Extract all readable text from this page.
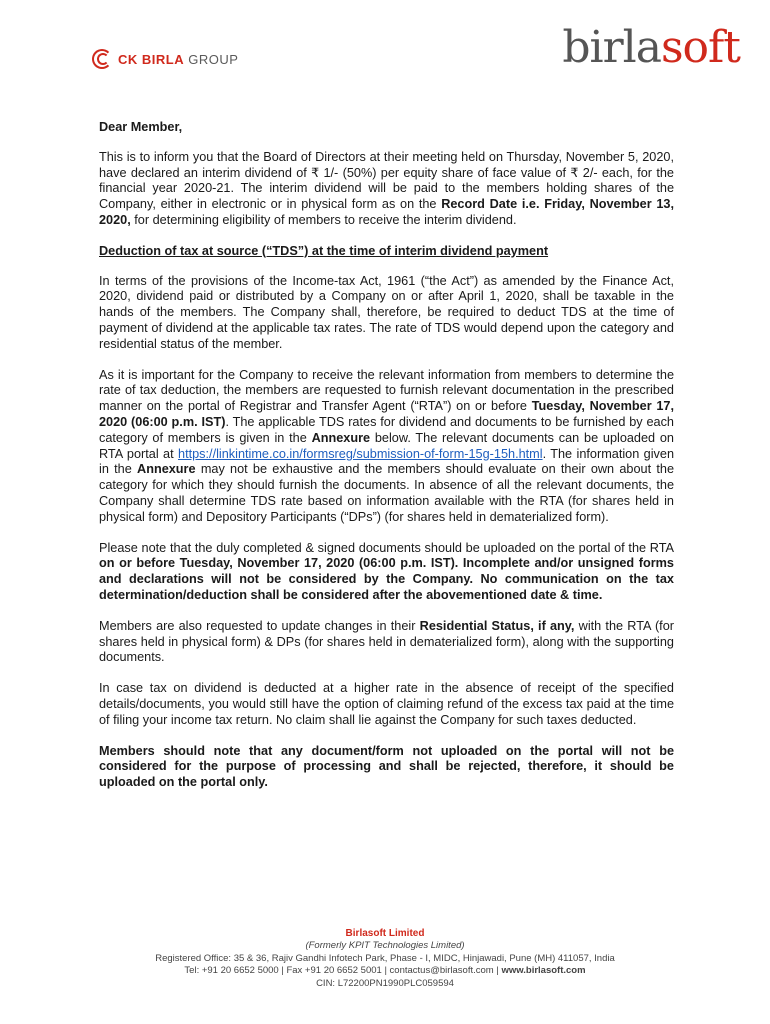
CK BIRLA GROUP	birlasoft

Dear Member,

This is to inform you that the Board of Directors at their meeting held on Thursday, November 5, 2020, have declared an interim dividend of ₹ 1/- (50%) per equity share of face value of ₹ 2/- each, for the financial year 2020-21. The interim dividend will be paid to the members holding shares of the Company, either in electronic or in physical form as on the Record Date i.e. Friday, November 13, 2020, for determining eligibility of members to receive the interim dividend.

Deduction of tax at source (“TDS”) at the time of interim dividend payment

In terms of the provisions of the Income-tax Act, 1961 (“the Act”) as amended by the Finance Act, 2020, dividend paid or distributed by a Company on or after April 1, 2020, shall be taxable in the hands of the members. The Company shall, therefore, be required to deduct TDS at the time of payment of dividend at the applicable tax rates. The rate of TDS would depend upon the category and residential status of the member.

As it is important for the Company to receive the relevant information from members to determine the rate of tax deduction, the members are requested to furnish relevant documentation in the prescribed manner on the portal of Registrar and Transfer Agent (“RTA”) on or before Tuesday, November 17, 2020 (06:00 p.m. IST). The applicable TDS rates for dividend and documents to be furnished by each category of members is given in the Annexure below. The relevant documents can be uploaded on RTA portal at https://linkintime.co.in/formsreg/submission-of-form-15g-15h.html. The information given in the Annexure may not be exhaustive and the members should evaluate on their own about the category for which they should furnish the documents. In absence of all the relevant documents, the Company shall determine TDS rate based on information available with the RTA (for shares held in physical form) and Depository Participants (“DPs”) (for shares held in dematerialized form).

Please note that the duly completed & signed documents should be uploaded on the portal of the RTA on or before Tuesday, November 17, 2020 (06:00 p.m. IST). Incomplete and/or unsigned forms and declarations will not be considered by the Company. No communication on the tax determination/deduction shall be considered after the abovementioned date & time.

Members are also requested to update changes in their Residential Status, if any, with the RTA (for shares held in physical form) & DPs (for shares held in dematerialized form), along with the supporting documents.

In case tax on dividend is deducted at a higher rate in the absence of receipt of the specified details/documents, you would still have the option of claiming refund of the excess tax paid at the time of filing your income tax return. No claim shall lie against the Company for such taxes deducted.

Members should note that any document/form not uploaded on the portal will not be considered for the purpose of processing and shall be rejected, therefore, it should be uploaded on the portal only.

Birlasoft Limited
(Formerly KPIT Technologies Limited)
Registered Office: 35 & 36, Rajiv Gandhi Infotech Park, Phase - I, MIDC, Hinjawadi, Pune (MH) 411057, India
Tel: +91 20 6652 5000 | Fax +91 20 6652 5001 | contactus@birlasoft.com | www.birlasoft.com
CIN: L72200PN1990PLC059594
